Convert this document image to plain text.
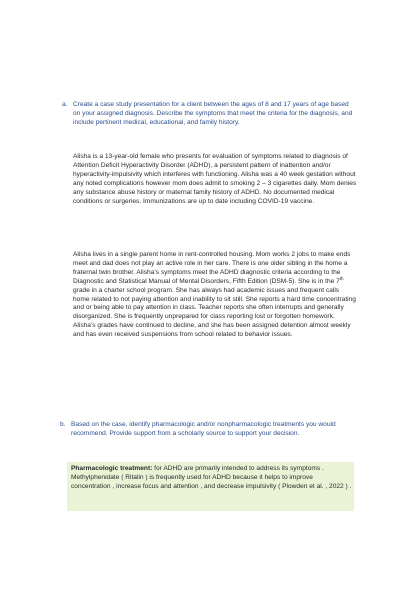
a. Create a case study presentation for a client between the ages of 8 and 17 years of age based on your assigned diagnosis. Describe the symptoms that meet the criteria for the diagnosis, and include pertinent medical, educational, and family history.

Alisha is a 13-year-old female who presents for evaluation of symptoms related to diagnosis of Attention Deficit Hyperactivity Disorder (ADHD), a persistent pattern of inattention and/or hyperactivity-impulsivity which interferes with functioning. Alisha was a 40 week gestation without any noted complications however mom does admit to smoking 2 – 3 cigarettes daily. Mom denies any substance abuse history or maternal family history of ADHD. No documented medical conditions or surgeries. Immunizations are up to date including COVID-19 vaccine.

Alisha lives in a single parent home in rent-controlled housing. Mom works 2 jobs to make ends meet and dad does not play an active role in her care. There is one older sibling in the home a fraternal twin brother. Alisha’s symptoms meet the ADHD diagnostic criteria according to the Diagnostic and Statistical Manual of Mental Disorders, Fifth Edition (DSM-5). She is in the 7th grade in a charter school program. She has always had academic issues and frequent calls home related to not paying attention and inability to sit still. She reports a hard time concentrating and or being able to pay attention in class. Teacher reports she often interrupts and generally disorganized. She is frequently unprepared for class reporting lost or forgotten homework. Alisha’s grades have continued to decline, and she has been assigned detention almost weekly and has even received suspensions from school related to behavior issues.

b. Based on the case, identify pharmacologic and/or nonpharmacologic treatments you would recommend. Provide support from a scholarly source to support your decision.
Pharmacologic treatment: for ADHD are primarily intended to address its symptoms . Methylphenidate ( Ritalin ) is frequently used for ADHD because it helps to improve concentration , increase focus and attention , and decrease impulsivity ( Plowden et al. , 2022 ) .
